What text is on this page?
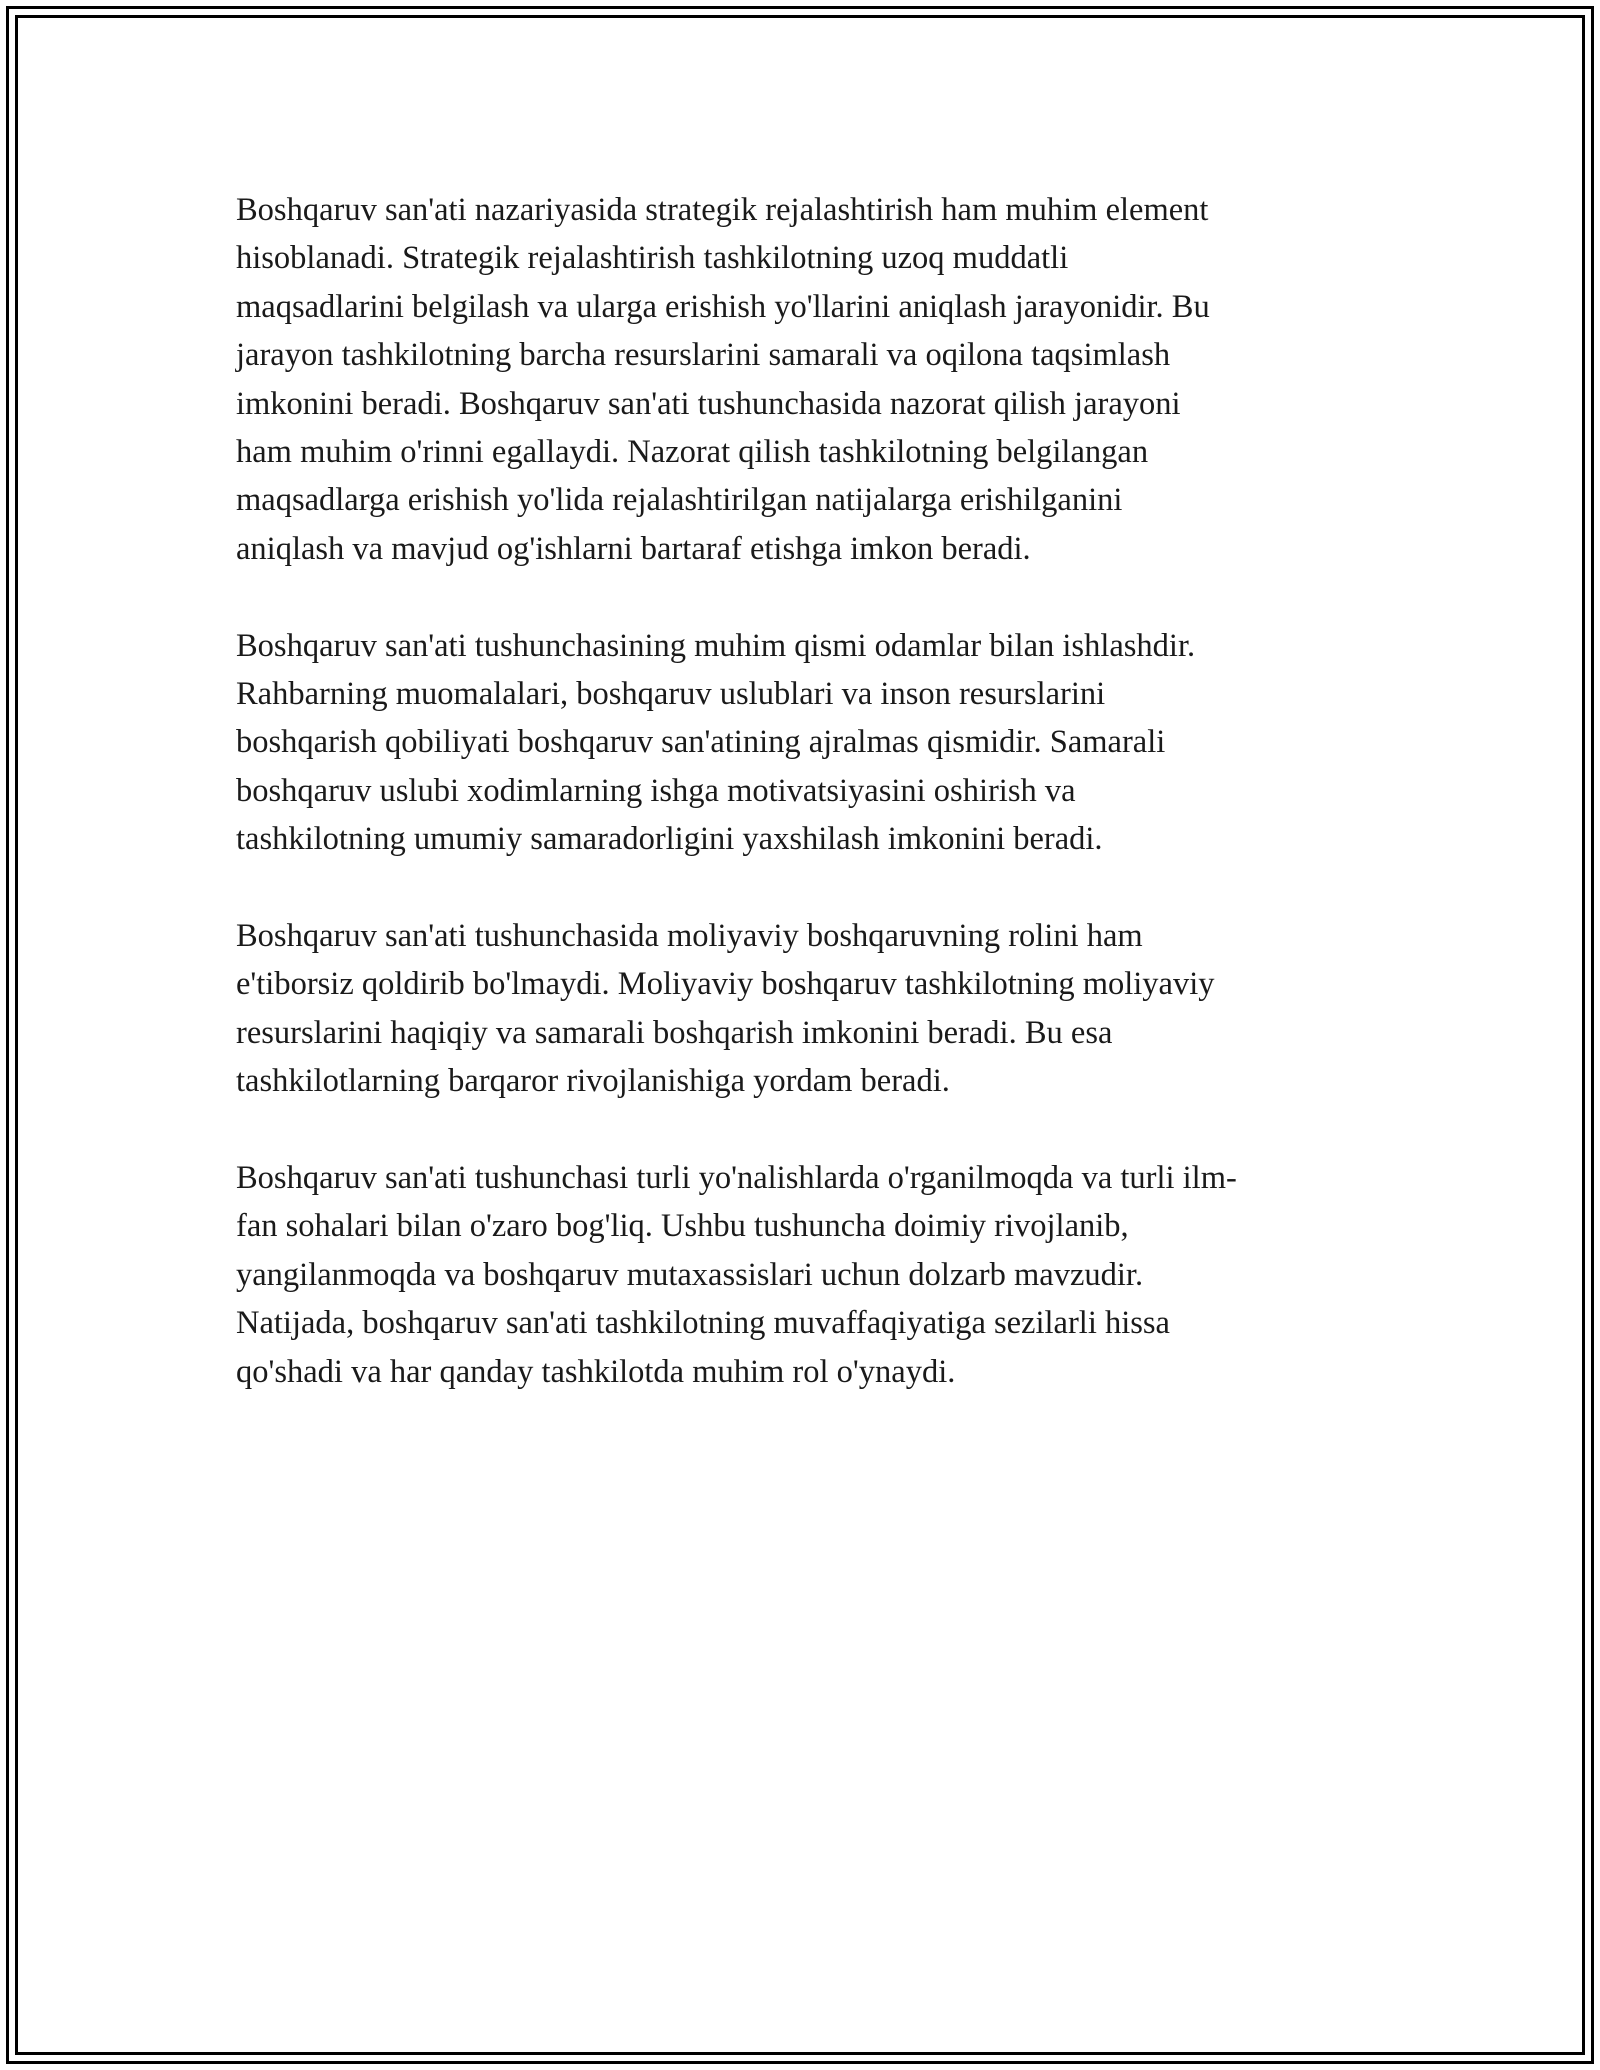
Boshqaruv san'ati nazariyasida strategik rejalashtirish ham muhim element
hisoblanadi. Strategik rejalashtirish tashkilotning uzoq muddatli
maqsadlarini belgilash va ularga erishish yo'llarini aniqlash jarayonidir. Bu
jarayon tashkilotning barcha resurslarini samarali va oqilona taqsimlash
imkonini beradi. Boshqaruv san'ati tushunchasida nazorat qilish jarayoni
ham muhim o'rinni egallaydi. Nazorat qilish tashkilotning belgilangan
maqsadlarga erishish yo'lida rejalashtirilgan natijalarga erishilganini
aniqlash va mavjud og'ishlarni bartaraf etishga imkon beradi.

Boshqaruv san'ati tushunchasining muhim qismi odamlar bilan ishlashdir.
Rahbarning muomalalari, boshqaruv uslublari va inson resurslarini
boshqarish qobiliyati boshqaruv san'atining ajralmas qismidir. Samarali
boshqaruv uslubi xodimlarning ishga motivatsiyasini oshirish va
tashkilotning umumiy samaradorligini yaxshilash imkonini beradi.

Boshqaruv san'ati tushunchasida moliyaviy boshqaruvning rolini ham
e'tiborsiz qoldirib bo'lmaydi. Moliyaviy boshqaruv tashkilotning moliyaviy
resurslarini haqiqiy va samarali boshqarish imkonini beradi. Bu esa
tashkilotlarning barqaror rivojlanishiga yordam beradi.

Boshqaruv san'ati tushunchasi turli yo'nalishlarda o'rganilmoqda va turli ilm-
fan sohalari bilan o'zaro bog'liq. Ushbu tushuncha doimiy rivojlanib,
yangilanmoqda va boshqaruv mutaxassislari uchun dolzarb mavzudir.
Natijada, boshqaruv san'ati tashkilotning muvaffaqiyatiga sezilarli hissa
qo'shadi va har qanday tashkilotda muhim rol o'ynaydi.
